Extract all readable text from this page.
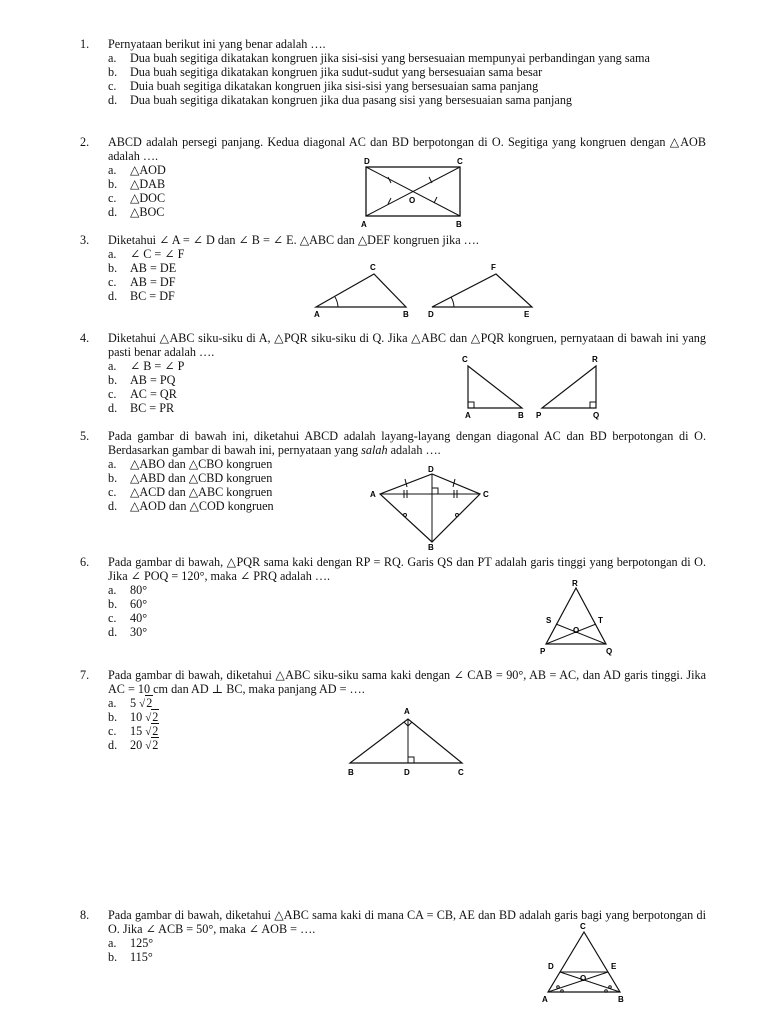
1. Pernyataan berikut ini yang benar adalah ….
a. Dua buah segitiga dikatakan kongruen jika sisi-sisi yang bersesuaian mempunyai perbandingan yang sama
b. Dua buah segitiga dikatakan kongruen jika sudut-sudut yang bersesuaian sama besar
c. Duia buah segitiga dikatakan kongruen jika sisi-sisi yang bersesuaian sama panjang
d. Dua buah segitiga dikatakan kongruen jika dua pasang sisi yang bersesuaian sama panjang
2. ABCD adalah persegi panjang. Kedua diagonal AC dan BD berpotongan di O. Segitiga yang kongruen dengan △AOB adalah ….
a. △AOD
b. △DAB
c. △DOC
d. △BOC
D	C
O
A	B
3. Diketahui ∠ A = ∠ D dan ∠ B = ∠ E. △ABC dan △DEF kongruen jika ….
a. ∠ C = ∠ F
b. AB = DE
c. AB = DF
d. BC = DF
C
A	B
F
D	E
4. Diketahui △ABC siku-siku di A, △PQR siku-siku di Q. Jika △ABC dan △PQR kongruen, pernyataan di bawah ini yang pasti benar adalah ….
a. ∠ B = ∠ P
b. AB = PQ
c. AC = QR
d. BC = PR
C
A	B
R
P	Q
5. Pada gambar di bawah ini, diketahui ABCD adalah layang-layang dengan diagonal AC dan BD berpotongan di O. Berdasarkan gambar di bawah ini, pernyataan yang salah adalah ….
a. △ABO dan △CBO kongruen
b. △ABD dan △CBD kongruen
c. △ACD dan △ABC kongruen
d. △AOD dan △COD kongruen
D
A	C
B
6. Pada gambar di bawah, △PQR sama kaki dengan RP = RQ. Garis QS dan PT adalah garis tinggi yang berpotongan di O. Jika ∠ POQ = 120°, maka ∠ PRQ adalah ….
a. 80°
b. 60°
c. 40°
d. 30°
R
S	T
O
P	Q
7. Pada gambar di bawah, diketahui △ABC siku-siku sama kaki dengan ∠ CAB = 90°, AB = AC, dan AD garis tinggi. Jika AC = 10 cm dan AD ⊥ BC, maka panjang AD = ….
a. 5 √2
b. 10 √2
c. 15 √2
d. 20 √2
A
B	D	C
8. Pada gambar di bawah, diketahui △ABC sama kaki di mana CA = CB, AE dan BD adalah garis bagi yang berpotongan di O. Jika ∠ ACB = 50°, maka ∠ AOB = ….
a. 125°
b. 115°
C
D	E
O
A	B
